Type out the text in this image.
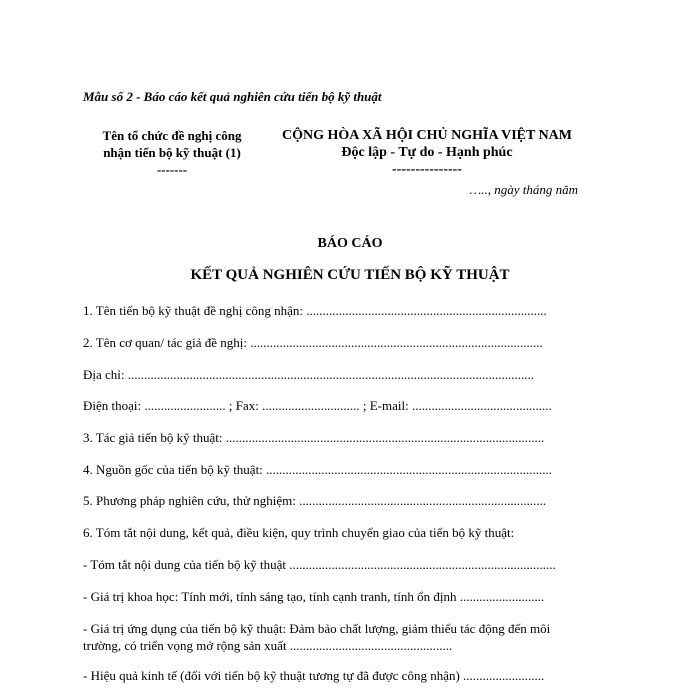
Mẫu số 2 - Báo cáo kết quả nghiên cứu tiến bộ kỹ thuật
Tên tổ chức đề nghị công
nhận tiến bộ kỹ thuật (1)
-------
CỘNG HÒA XÃ HỘI CHỦ NGHĨA VIỆT NAM
Độc lập - Tự do - Hạnh phúc
---------------
….., ngày tháng năm
BÁO CÁO
KẾT QUẢ NGHIÊN CỨU TIẾN BỘ KỸ THUẬT
1. Tên tiến bộ kỹ thuật đề nghị công nhận: ..........................................................................
2. Tên cơ quan/ tác giả đề nghị: ..........................................................................................
Địa chỉ: .............................................................................................................................
Điện thoại: ......................... ; Fax: .............................. ; E-mail: ...........................................
3. Tác giả tiến bộ kỹ thuật: ..................................................................................................
4. Nguồn gốc của tiến bộ kỹ thuật: ........................................................................................
5. Phương pháp nghiên cứu, thử nghiệm: ............................................................................
6. Tóm tắt nội dung, kết quả, điều kiện, quy trình chuyển giao của tiến bộ kỹ thuật:
- Tóm tắt nội dung của tiến bộ kỹ thuật ..................................................................................
- Giá trị khoa học: Tính mới, tính sáng tạo, tính cạnh tranh, tính ổn định ..........................
- Giá trị ứng dụng của tiến bộ kỹ thuật: Đảm bảo chất lượng, giảm thiểu tác động đến môi trường, có triển vọng mở rộng sản xuất ..................................................
- Hiệu quả kinh tế (đối với tiến bộ kỹ thuật tương tự đã được công nhận) .........................
